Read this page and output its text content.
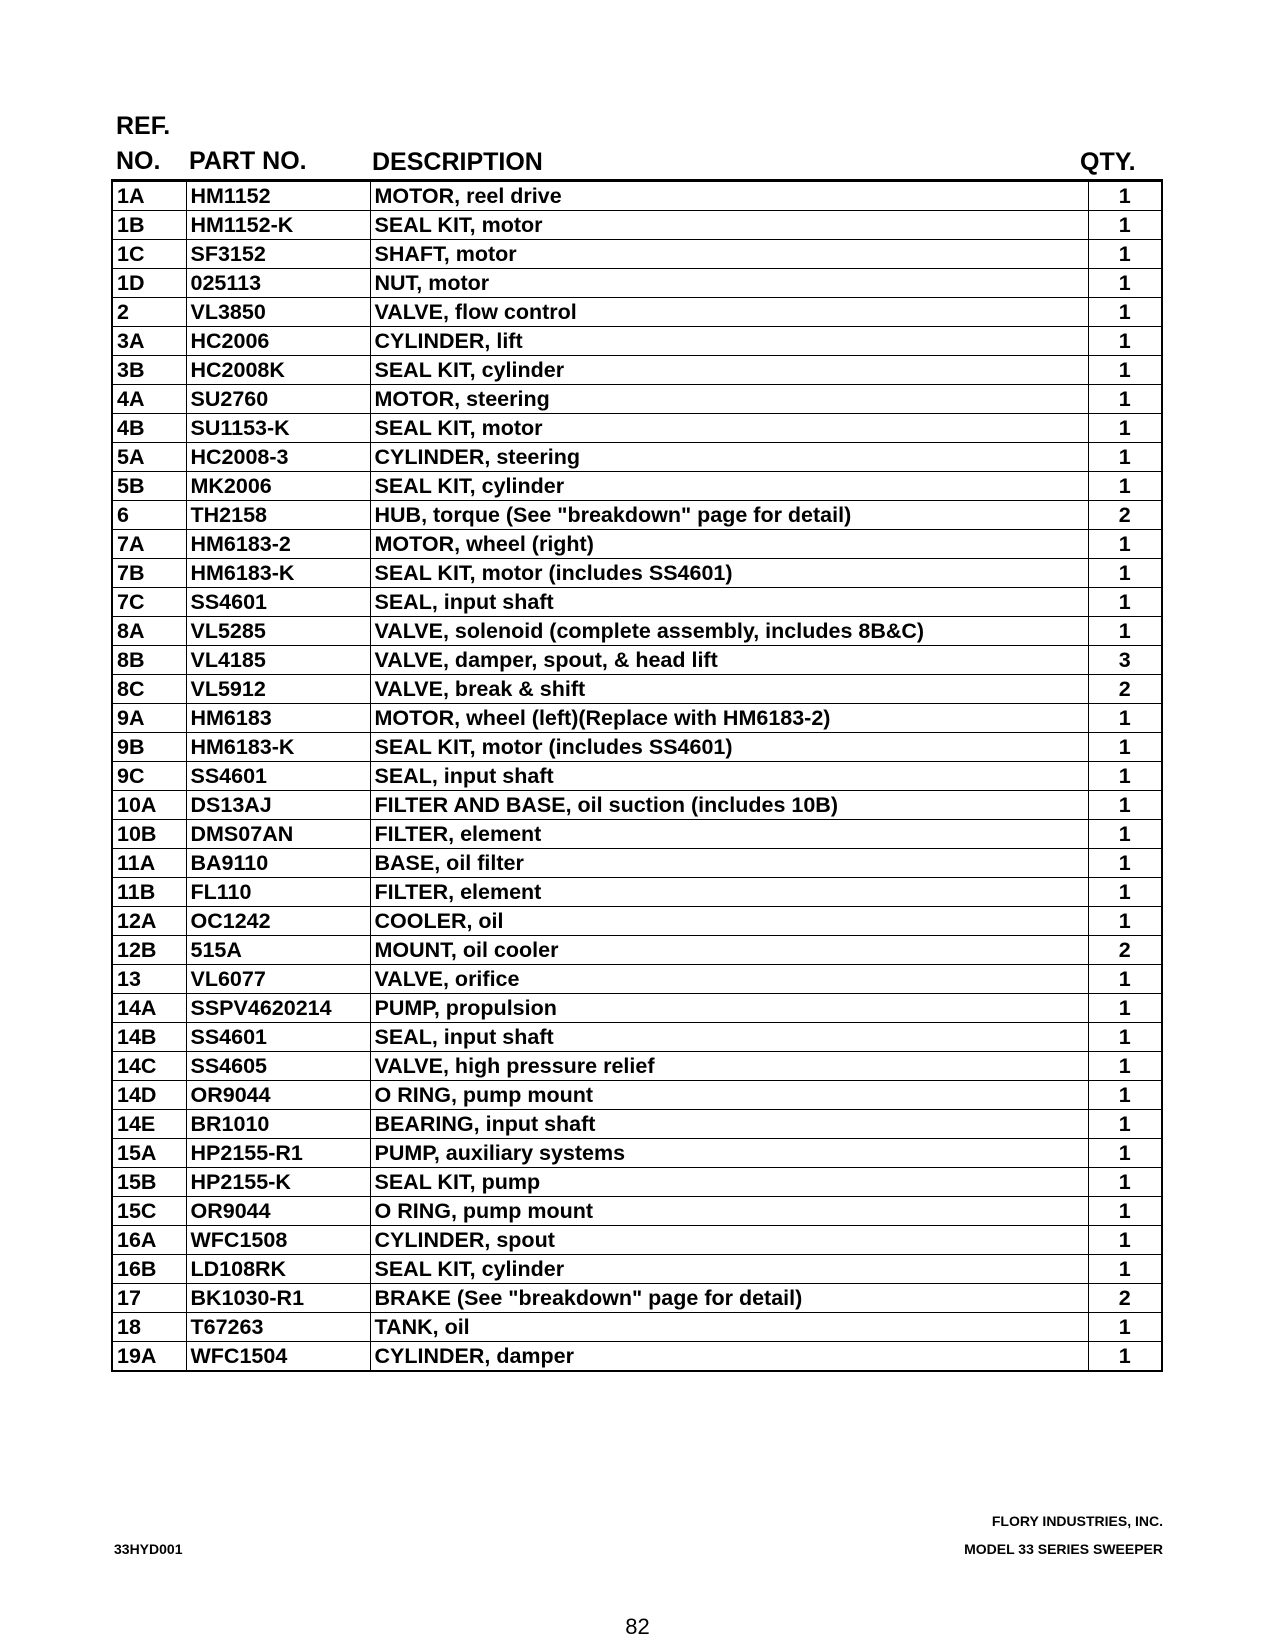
REF.
NO. PART NO.	DESCRIPTION	QTY.
1A	HM1152	MOTOR, reel drive	1
1B	HM1152-K	SEAL KIT, motor	1
1C	SF3152	SHAFT, motor	1
1D	025113	NUT, motor	1
2	VL3850	VALVE, flow control	1
3A	HC2006	CYLINDER, lift	1
3B	HC2008K	SEAL KIT, cylinder	1
4A	SU2760	MOTOR, steering	1
4B	SU1153-K	SEAL KIT, motor	1
5A	HC2008-3	CYLINDER, steering	1
5B	MK2006	SEAL KIT, cylinder	1
6	TH2158	HUB, torque (See "breakdown" page for detail)	2
7A	HM6183-2	MOTOR, wheel (right)	1
7B	HM6183-K	SEAL KIT, motor (includes SS4601)	1
7C	SS4601	SEAL, input shaft	1
8A	VL5285	VALVE, solenoid (complete assembly, includes 8B&C)	1
8B	VL4185	VALVE, damper, spout, & head lift	3
8C	VL5912	VALVE, break & shift	2
9A	HM6183	MOTOR, wheel (left)(Replace with HM6183-2)	1
9B	HM6183-K	SEAL KIT, motor (includes SS4601)	1
9C	SS4601	SEAL, input shaft	1
10A	DS13AJ	FILTER AND BASE, oil suction (includes 10B)	1
10B	DMS07AN	FILTER, element	1
11A	BA9110	BASE, oil filter	1
11B	FL110	FILTER, element	1
12A	OC1242	COOLER, oil	1
12B	515A	MOUNT, oil cooler	2
13	VL6077	VALVE, orifice	1
14A	SSPV4620214	PUMP, propulsion	1
14B	SS4601	SEAL, input shaft	1
14C	SS4605	VALVE, high pressure relief	1
14D	OR9044	O RING, pump mount	1
14E	BR1010	BEARING, input shaft	1
15A	HP2155-R1	PUMP, auxiliary systems	1
15B	HP2155-K	SEAL KIT, pump	1
15C	OR9044	O RING, pump mount	1
16A	WFC1508	CYLINDER, spout	1
16B	LD108RK	SEAL KIT, cylinder	1
17	BK1030-R1	BRAKE (See "breakdown" page for detail)	2
18	T67263	TANK, oil	1
19A	WFC1504	CYLINDER, damper	1
33HYD001
FLORY INDUSTRIES, INC.
MODEL 33 SERIES SWEEPER
82
